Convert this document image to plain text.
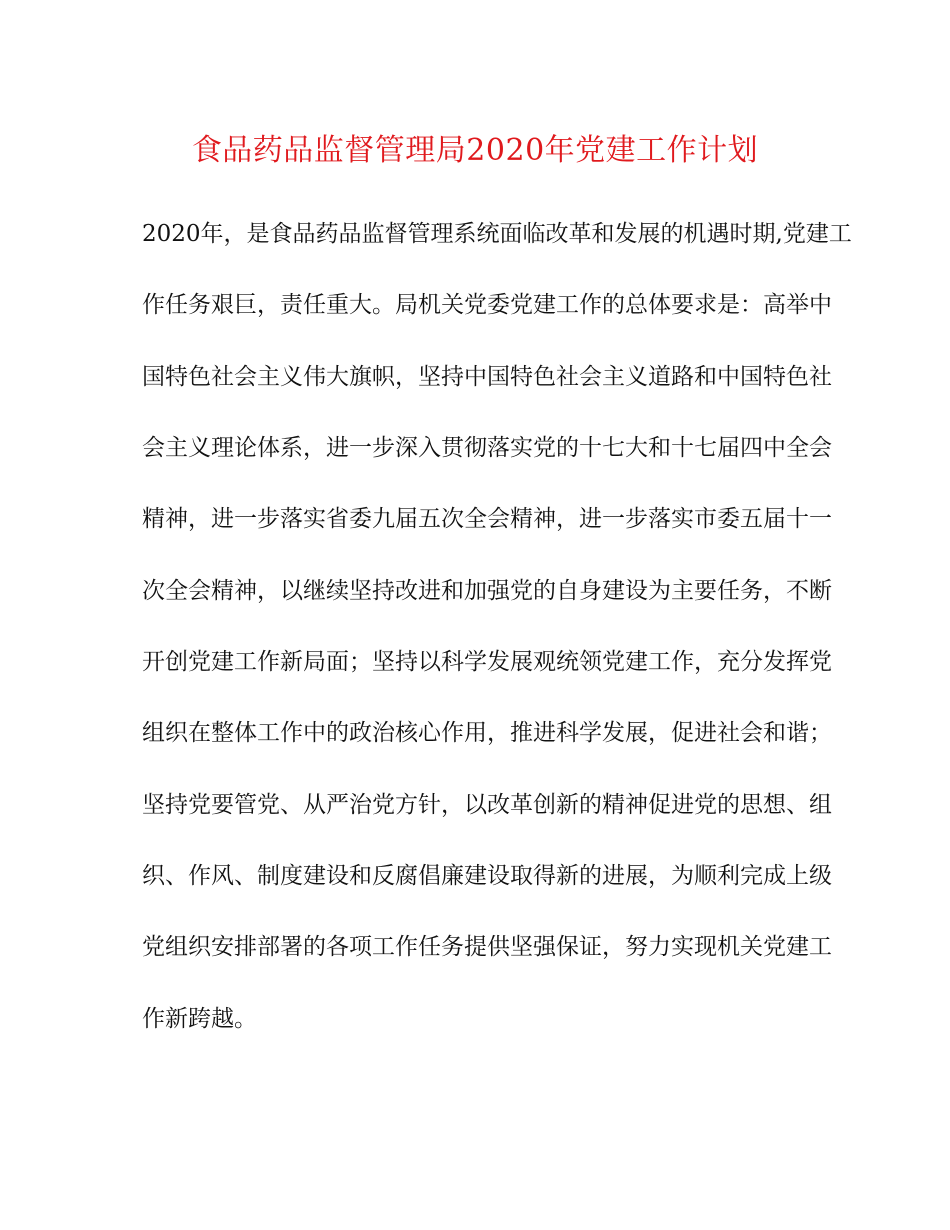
食品药品监督管理局2020年党建工作计划
2020年，是食品药品监督管理系统面临改革和发展的机遇时期,党建工
作任务艰巨，责任重大。局机关党委党建工作的总体要求是：高举中
国特色社会主义伟大旗帜，坚持中国特色社会主义道路和中国特色社
会主义理论体系，进一步深入贯彻落实党的十七大和十七届四中全会
精神，进一步落实省委九届五次全会精神，进一步落实市委五届十一
次全会精神，以继续坚持改进和加强党的自身建设为主要任务，不断
开创党建工作新局面；坚持以科学发展观统领党建工作，充分发挥党
组织在整体工作中的政治核心作用，推进科学发展，促进社会和谐；
坚持党要管党、从严治党方针，以改革创新的精神促进党的思想、组
织、作风、制度建设和反腐倡廉建设取得新的进展，为顺利完成上级
党组织安排部署的各项工作任务提供坚强保证，努力实现机关党建工
作新跨越。
